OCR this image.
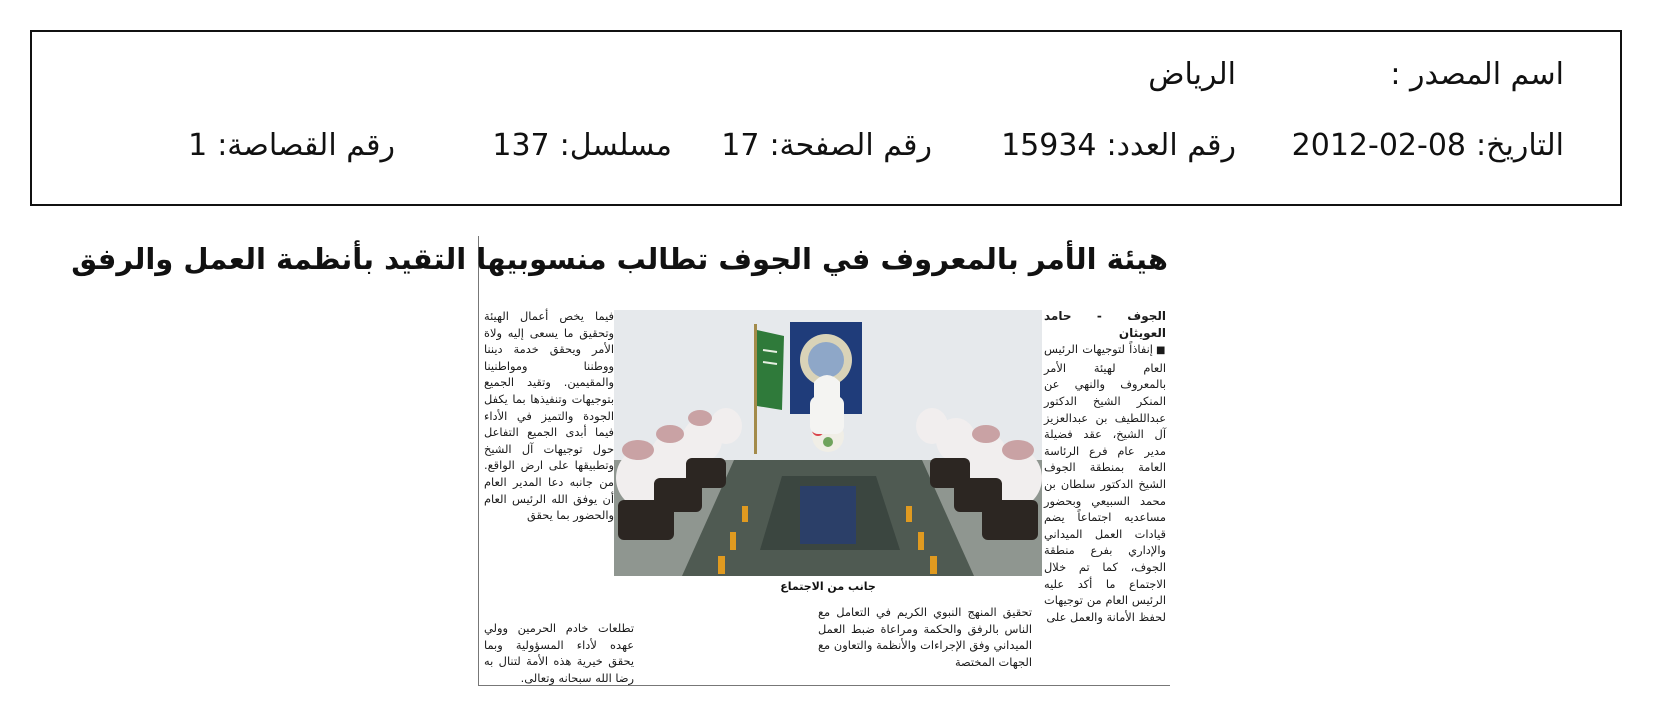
اسم المصدر :
الرياض
التاريخ:2012-02-08
رقم العدد:15934
رقم الصفحة:17
مسلسل:137
رقم القصاصة:1
هيئة الأمر بالمعروف في الجوف تطالب منسوبيها التقيد بأنظمة العمل والرفق
الجوف - حامد العويثان
■إنفاذاً لتوجيهات الرئيس العام لهيئة الأمر بالمعروف والنهي عن المنكر الشيخ الدكتور عبداللطيف بن عبدالعزيز آل الشيخ، عقد فضيلة مدير عام فرع الرئاسة العامة بمنطقة الجوف الشيخ الدكتور سلطان بن محمد السبيعي وبحضور مساعديه اجتماعاً يضم قيادات العمل الميداني والإداري بفرع منطقة الجوف، كما تم خلال الاجتماع ما أكد عليه الرئيس العام من توجيهات لحفظ الأمانة والعمل على
جانب من الاجتماع
تحقيق المنهج النبوي الكريم في التعامل مع الناس بالرفق والحكمة ومراعاة ضبط العمل الميداني وفق الإجراءات والأنظمة والتعاون مع الجهات المختصة
فيما يخص أعمال الهيئة وتحقيق ما يسعى إليه ولاة الأمر ويحقق خدمة ديننا ووطننا ومواطنينا والمقيمين. وتقيد الجميع بتوجيهات وتنفيذها بما يكفل الجودة والتميز في الأداء فيما أبدى الجميع التفاعل حول توجيهات آل الشيخ وتطبيقها على ارض الواقع. من جانبه دعا المدير العام أن يوفق الله الرئيس العام والحضور بما يحقق
تطلعات خادم الحرمين وولي عهده لأداء المسؤولية وبما يحقق خيرية هذه الأمة لتنال به رضا الله سبحانه وتعالى.
